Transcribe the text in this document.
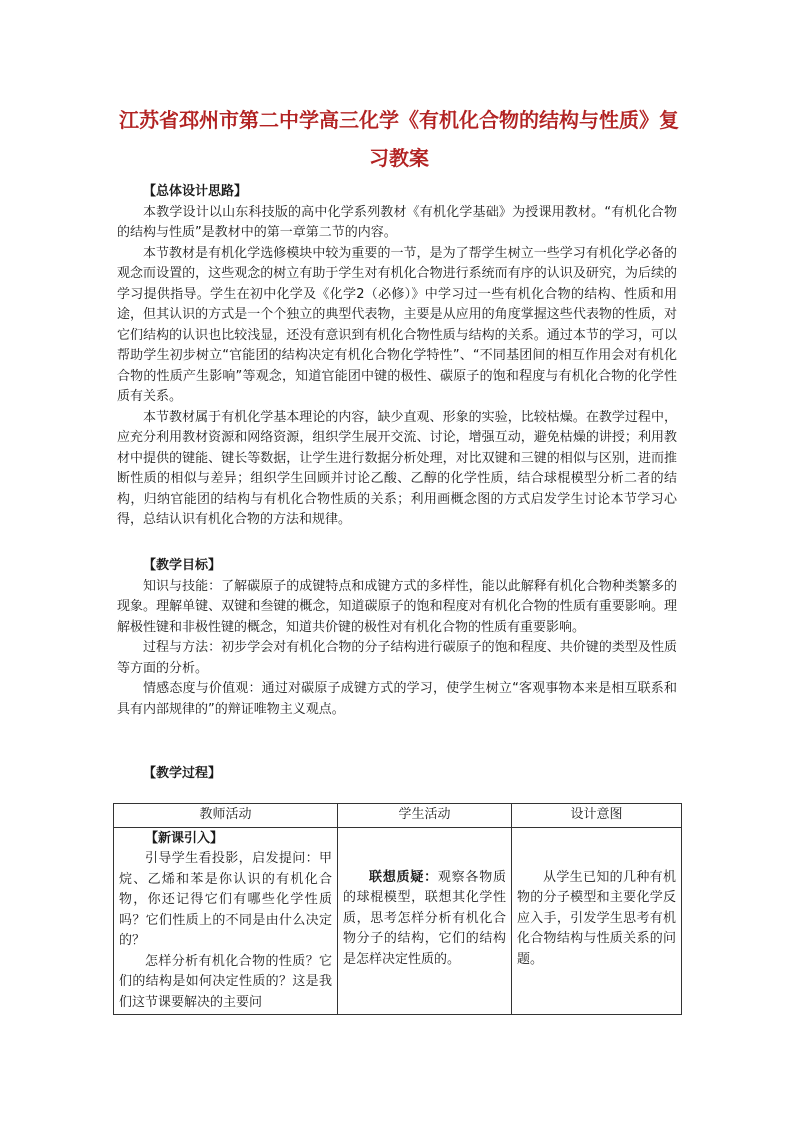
江苏省邳州市第二中学高三化学《有机化合物的结构与性质》复习教案

【总体设计思路】

本教学设计以山东科技版的高中化学系列教材《有机化学基础》为授课用教材。“有机化合物的结构与性质”是教材中的第一章第二节的内容。

本节教材是有机化学选修模块中较为重要的一节，是为了帮学生树立一些学习有机化学必备的观念而设置的，这些观念的树立有助于学生对有机化合物进行系统而有序的认识及研究，为后续的学习提供指导。学生在初中化学及《化学2（必修）》中学习过一些有机化合物的结构、性质和用途，但其认识的方式是一个个独立的典型代表物，主要是从应用的角度掌握这些代表物的性质，对它们结构的认识也比较浅显，还没有意识到有机化合物性质与结构的关系。通过本节的学习，可以帮助学生初步树立“官能团的结构决定有机化合物化学特性”、“不同基团间的相互作用会对有机化合物的性质产生影响”等观念，知道官能团中键的极性、碳原子的饱和程度与有机化合物的化学性质有关系。

本节教材属于有机化学基本理论的内容，缺少直观、形象的实验，比较枯燥。在教学过程中，应充分利用教材资源和网络资源，组织学生展开交流、讨论，增强互动，避免枯燥的讲授；利用教材中提供的键能、键长等数据，让学生进行数据分析处理，对比双键和三键的相似与区别，进而推断性质的相似与差异；组织学生回顾并讨论乙酸、乙醇的化学性质，结合球棍模型分析二者的结构，归纳官能团的结构与有机化合物性质的关系；利用画概念图的方式启发学生讨论本节学习心得，总结认识有机化合物的方法和规律。

【教学目标】

知识与技能：了解碳原子的成键特点和成键方式的多样性，能以此解释有机化合物种类繁多的现象。理解单键、双键和叁键的概念，知道碳原子的饱和程度对有机化合物的性质有重要影响。理解极性键和非极性键的概念，知道共价键的极性对有机化合物的性质有重要影响。

过程与方法：初步学会对有机化合物的分子结构进行碳原子的饱和程度、共价键的类型及性质等方面的分析。

情感态度与价值观：通过对碳原子成键方式的学习，使学生树立“客观事物本来是相互联系和具有内部规律的”的辩证唯物主义观点。

【教学过程】

教师活动	学生活动	设计意图

【新课引入】

引导学生看投影，启发提问：甲烷、乙烯和苯是你认识的有机化合物，你还记得它们有哪些化学性质吗？它们性质上的不同是由什么决定的？

怎样分析有机化合物的性质？它们的结构是如何决定性质的？这是我们这节课要解决的主要问	联想质疑：观察各物质的球棍模型，联想其化学性质，思考怎样分析有机化合物分子的结构，它们的结构是怎样决定性质的。	从学生已知的几种有机物的分子模型和主要化学反应入手，引发学生思考有机化合物结构与性质关系的问题。
